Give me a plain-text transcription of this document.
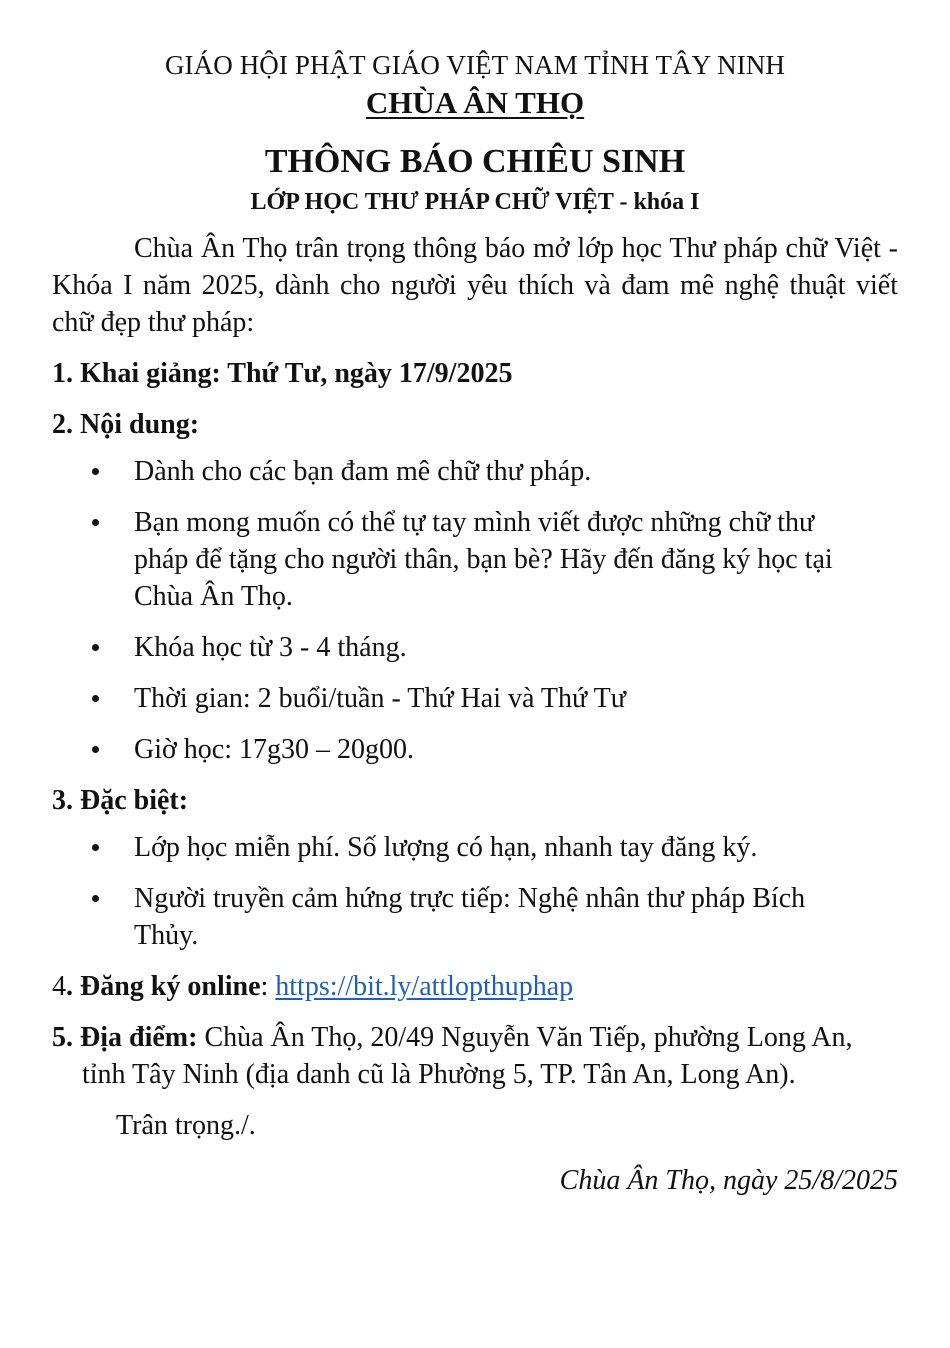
GIÁO HỘI PHẬT GIÁO VIỆT NAM TỈNH TÂY NINH

CHÙA ÂN THỌ

THÔNG BÁO CHIÊU SINH

LỚP HỌC THƯ PHÁP CHỮ VIỆT - khóa I

Chùa Ân Thọ trân trọng thông báo mở lớp học Thư pháp chữ Việt - Khóa I năm 2025, dành cho người yêu thích và đam mê nghệ thuật viết chữ đẹp thư pháp:

1. Khai giảng: Thứ Tư, ngày 17/9/2025

2. Nội dung:

Dành cho các bạn đam mê chữ thư pháp.
Bạn mong muốn có thể tự tay mình viết được những chữ thư pháp để tặng cho người thân, bạn bè? Hãy đến đăng ký học tại Chùa Ân Thọ.
Khóa học từ 3 - 4 tháng.
Thời gian: 2 buổi/tuần - Thứ Hai và Thứ Tư
Giờ học: 17g30 – 20g00.

3. Đặc biệt:

Lớp học miễn phí. Số lượng có hạn, nhanh tay đăng ký.
Người truyền cảm hứng trực tiếp: Nghệ nhân thư pháp Bích Thủy.

4. Đăng ký online: https://bit.ly/attlopthuphap

5. Địa điểm: Chùa Ân Thọ, 20/49 Nguyễn Văn Tiếp, phường Long An, tỉnh Tây Ninh (địa danh cũ là Phường 5, TP. Tân An, Long An).

Trân trọng./.

Chùa Ân Thọ, ngày 25/8/2025
